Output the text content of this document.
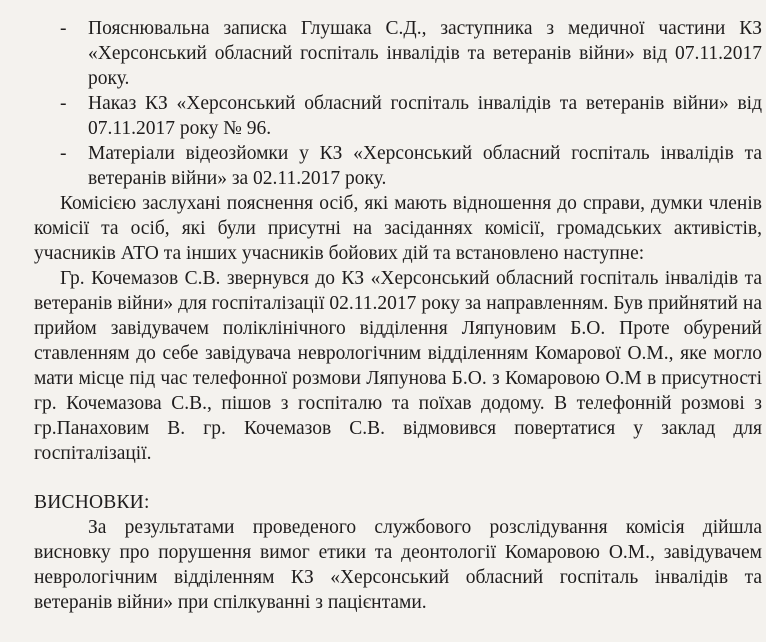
- Пояснювальна записка Глушака С.Д., заступника з медичної частини КЗ «Херсонський обласний госпіталь інвалідів та ветеранів війни» від 07.11.2017 року.
- Наказ КЗ «Херсонський обласний госпіталь інвалідів та ветеранів війни» від 07.11.2017 року № 96.
- Матеріали відеозйомки у КЗ «Херсонський обласний госпіталь інвалідів та ветеранів війни» за 02.11.2017 року.

Комісією заслухані пояснення осіб, які мають відношення до справи, думки членів комісії та осіб, які були присутні на засіданнях комісії, громадських активістів, учасників АТО та інших учасників бойових дій та встановлено наступне:

Гр. Кочемазов С.В. звернувся до КЗ «Херсонський обласний госпіталь інвалідів та ветеранів війни» для госпіталізації 02.11.2017 року за направленням. Був прийнятий на прийом завідувачем поліклінічного відділення Ляпуновим Б.О. Проте обурений ставленням до себе завідувача неврологічним відділенням Комарової О.М., яке могло мати місце під час телефонної розмови Ляпунова Б.О. з Комаровою О.М в присутності гр. Кочемазова С.В., пішов з госпіталю та поїхав додому. В телефонній розмові з гр.Панаховим В. гр. Кочемазов С.В. відмовився повертатися у заклад для госпіталізації.

ВИСНОВКИ:

За результатами проведеного службового розслідування комісія дійшла висновку про порушення вимог етики та деонтології Комаровою О.М., завідувачем неврологічним відділенням КЗ «Херсонський обласний госпіталь інвалідів та ветеранів війни» при спілкуванні з пацієнтами.
